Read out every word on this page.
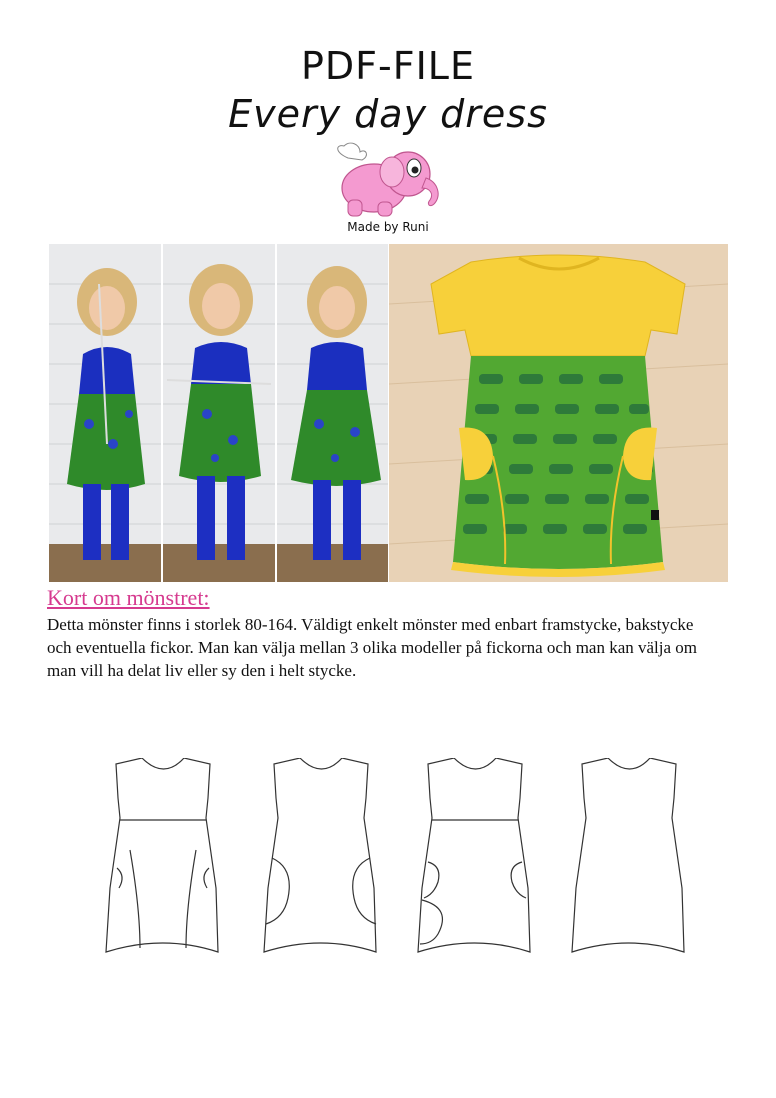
PDF-FILE
Every day dress
Made by Runi
Kort om mönstret:
Detta mönster finns i storlek 80-164. Väldigt enkelt mönster med enbart framstycke, bakstycke och eventuella fickor. Man kan välja mellan 3 olika modeller på fickorna och man kan välja om man vill ha delat liv eller sy den i helt stycke.
